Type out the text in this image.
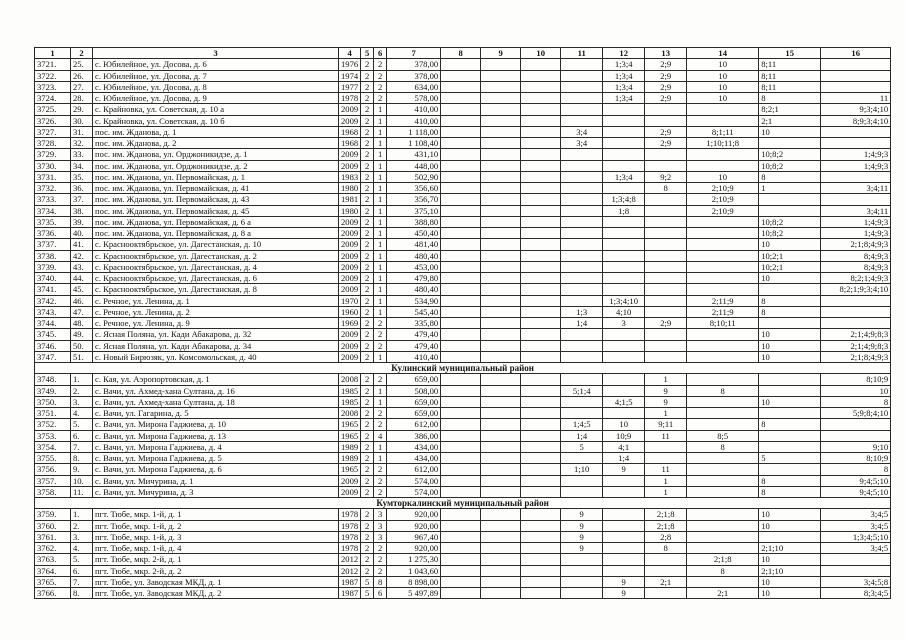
1	2	3	4	5	6	7	8	9	10	11	12	13	14	15	16
3721.	25.	с. Юбилейное, ул. Досова, д. 6	1976	2	2	378,00					1;3;4	2;9	10	8;11	
3722.	26.	с. Юбилейное, ул. Досова, д. 7	1974	2	2	378,00					1;3;4	2;9	10	8;11	
3723.	27.	с. Юбилейное, ул. Досова, д. 8	1977	2	2	634,00					1;3;4	2;9	10	8;11	
3724.	28.	с. Юбилейное, ул. Досова, д. 9	1978	2	2	578,00					1;3;4	2;9	10	8	11
3725.	29.	с. Крайновка, ул. Советская, д. 10 а	2009	2	1	410,00								8;2;1	9;3;4;10
3726.	30.	с. Крайновка, ул. Советская, д. 10 б	2009	2	1	410,00								2;1	8;9;3;4;10
3727.	31.	пос. им. Жданова, д. 1	1968	2	1	1 118,00				3;4		2;9	8;1;11	10	
3728.	32.	пос. им. Жданова, д. 2	1968	2	1	1 108,40				3;4		2;9	1;10;11;8		
3729.	33.	пос. им. Жданова, ул. Орджоникидзе, д. 1	2009	2	1	431,10								10;8;2	1;4;9;3
3730.	34.	пос. им. Жданова, ул. Орджоникидзе, д. 2	2009	2	1	448,00								10;8;2	1;4;9;3
3731.	35.	пос. им. Жданова, ул. Первомайская, д. 1	1983	2	1	502,90					1;3;4	9;2	10	8	
3732.	36.	пос. им. Жданова, ул. Первомайская, д. 41	1980	2	1	356,60						8	2;10;9	1	3;4;11
3733.	37.	пос. им. Жданова, ул. Первомайская, д. 43	1981	2	1	356,70					1;3;4;8		2;10;9		
3734.	38.	пос. им. Жданова, ул. Первомайская, д. 45	1980	2	1	375,10					1;8		2;10;9		3;4;11
3735.	39.	пос. им. Жданова, ул. Первомайская, д. 6 а	2009	2	1	388,80								10;8;2	1;4;9;3
3736.	40.	пос. им. Жданова, ул. Первомайская, д. 8 а	2009	2	1	450,40								10;8;2	1;4;9;3
3737.	41.	с. Краснооктябрьское, ул. Дагестанская, д. 10	2009	2	1	481,40								10	2;1;8;4;9;3
3738.	42.	с. Краснооктябрьское, ул. Дагестанская, д. 2	2009	2	1	480,40								10;2;1	8;4;9;3
3739.	43.	с. Краснооктябрьское, ул. Дагестанская, д. 4	2009	2	1	453,00								10;2;1	8;4;9;3
3740.	44.	с. Краснооктябрьское, ул. Дагестанская, д. 6	2009	2	1	479,80								10	8;2;1;4;9;3
3741.	45.	с. Краснооктябрьское, ул. Дагестанская, д. 8	2009	2	1	480,40									8;2;1;9;3;4;10
3742.	46.	с. Речное, ул. Ленина, д. 1	1970	2	1	534,90					1;3;4;10		2;11;9	8	
3743.	47.	с. Речное, ул. Ленина, д. 2	1960	2	1	545,40				1;3	4;10		2;11;9	8	
3744.	48.	с. Речное, ул. Ленина, д. 9	1969	2	2	335,80				1;4	3	2;9	8;10;11		
3745.	49.	с. Ясная Поляна, ул. Кади Абакарова, д. 32	2009	2	2	479,40								10	2;1;4;9;8;3
3746.	50.	с. Ясная Поляна, ул. Кади Абакарова, д. 34	2009	2	2	479,40								10	2;1;4;9;8;3
3747.	51.	с. Новый Бирюзяк, ул. Комсомольская, д. 40	2009	2	1	410,40								10	2;1;8;4;9;3
Кулинский муниципальный район															
3748.	1.	с. Кая, ул. Аэропортовская, д. 1	2008	2	2	659,00						1			8;10;9
3749.	2.	с. Вачи, ул. Ахмед-хана Султана, д. 16	1985	2	1	508,00				5;1;4		9	8		10
3750.	3.	с. Вачи, ул. Ахмед-хана Султана, д. 18	1985	2	1	659,00					4;1;5	9		10	8
3751.	4.	с. Вачи, ул. Гагарина, д. 5	2008	2	2	659,00						1			5;9;8;4;10
3752.	5.	с. Вачи, ул. Мирона Гаджиева, д. 10	1965	2	2	612,00				1;4;5	10	9;11		8	
3753.	6.	с. Вачи, ул. Мирона Гаджиева, д. 13	1965	2	4	386,00				1;4	10;9	11	8;5		
3754.	7.	с. Вачи, ул. Мирона Гаджиева, д. 4	1989	2	1	434,00				5	4;1		8		9;10
3755.	8.	с. Вачи, ул. Мирона Гаджиева, д. 5	1989	2	1	434,00					1;4			5	8;10;9
3756.	9.	с. Вачи, ул. Мирона Гаджиева, д. 6	1965	2	2	612,00				1;10	9	11			8
3757.	10.	с. Вачи, ул. Мичурина, д. 1	2009	2	2	574,00						1		8	9;4;5;10
3758.	11.	с. Вачи, ул. Мичурина, д. 3	2009	2	2	574,00						1		8	9;4;5;10
Кумторкалинский муниципальный район															
3759.	1.	пгт. Тюбе, мкр. 1-й, д. 1	1978	2	3	920,00				9		2;1;8		10	3;4;5
3760.	2.	пгт. Тюбе, мкр. 1-й, д. 2	1978	2	3	920,00				9		2;1;8		10	3;4;5
3761.	3.	пгт. Тюбе, мкр. 1-й, д. 3	1978	2	3	967,40				9		2;8			1;3;4;5;10
3762.	4.	пгт. Тюбе, мкр. 1-й, д. 4	1978	2	2	920,00				9		8		2;1;10	3;4;5
3763.	5.	пгт. Тюбе, мкр. 2-й, д. 1	2012	2	2	1 275,30							2;1;8	10	
3764.	6.	пгт. Тюбе, мкр. 2-й, д. 2	2012	2	2	1 043,60							8	2;1;10	
3765.	7.	пгт. Тюбе, ул. Заводская МКД, д. 1	1987	5	8	8 898,00					9	2;1		10	3;4;5;8
3766.	8.	пгт. Тюбе, ул. Заводская МКД, д. 2	1987	5	6	5 497,89					9		2;1	10	8;3;4;5
